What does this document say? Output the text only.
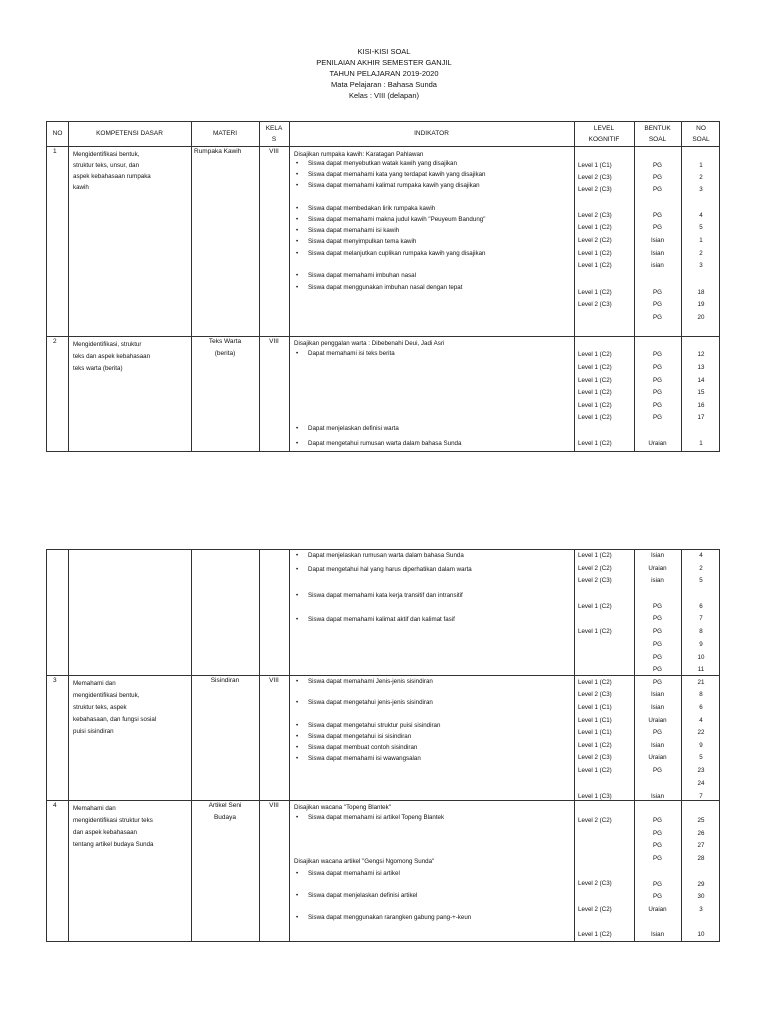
KISI-KISI SOAL
PENILAIAN AKHIR SEMESTER GANJIL
TAHUN PELAJARAN 2019-2020
Mata Pelajaran : Bahasa Sunda
Kelas : VIII (delapan)
NO	KOMPETENSI DASAR	MATERI
KELA
S
INDIKATOR
LEVEL
KOGNITIF
BENTUK
SOAL
NO
SOAL
1	Mengidentifikasi bentuk,
struktur teks, unsur, dan
aspek kebahasaan rumpaka
kawih
Rumpaka Kawih	VIII	Disajikan rumpaka kawih: Karatagan Pahlawan
• Siswa dapat menyebutkan watak kawih yang disajikan
• Siswa dapat memahami kata yang terdapat kawih yang disajikan
• Siswa dapat memahami kalimat rumpaka kawih yang disajikan
• Siswa dapat membedakan lirik rumpaka kawih
• Siswa dapat memahami makna judul kawih "Peuyeum Bandung"
• Siswa dapat memahami isi kawih
• Siswa dapat menyimpulkan tema kawih
• Siswa dapat melanjutkan cuplikan rumpaka kawih yang disajikan
• Siswa dapat memahami imbuhan nasal
• Siswa dapat menggunakan imbuhan nasal dengan tepat
Level 1 (C1)
Level 2 (C3)
Level 2 (C3)
Level 2 (C3)
Level 1 (C2)
Level 2 (C2)
Level 1 (C2)
Level 1 (C2)
Level 1 (C2)
Level 2 (C3)
PG
PG
PG
PG
PG
Isian
Isian
isian
PG
PG
PG
1
2
3
4
5
1
2
3
18
19
20
2	Mengidentifikasi, struktur
teks dan aspek kebahasaan
teks warta (berita)
Teks Warta
(berita)
VIII	Disajikan penggalan warta : Dibebenahi Deui, Jadi Asri
• Dapat memahami isi teks berita
• Dapat menjelaskan definisi warta
• Dapat mengetahui rumusan warta dalam bahasa Sunda
Level 1 (C2)
Level 1 (C2)
Level 1 (C2)
Level 1 (C2)
Level 1 (C2)
Level 1 (C2)
Level 1 (C2)
PG
PG
PG
PG
PG
PG
Uraian
12
13
14
15
16
17
1
• Dapat menjelaskan rumusan warta dalam bahasa Sunda
• Dapat mengetahui hal yang harus diperhatikan dalam warta
• Siswa dapat memahami kata kerja transitif dan intransitif
• Siswa dapat memahami kalimat aktif dan kalimat fasif
Level 1 (C2)
Level 2 (C2)
Level 2 (C3)
Level 1 (C2)
Level 1 (C2)
Isian
Uraian
isian
PG
PG
PG
PG
PG
PG
4
2
5
6
7
8
9
10
11
3	Memahami dan
mengidentifikasi bentuk,
struktur teks, aspek
kebahasaan, dan fungsi sosial
puisi sisindiran
Sisindiran	VIII
•	Siswa dapat memahami Jenis-jenis sisindiran
• Siswa dapat mengetahui jenis-jenis sisindiran
• Siswa dapat mengetahui struktur puisi sisindiran
• Siswa dapat mengetahui isi sisindiran
• Siswa dapat membuat contoh sisindiran
• Siswa dapat memahami isi wawangsalan
Level 1 (C2)
Level 2 (C3)
Level 1 (C1)
Level 1 (C1)
Level 1 (C1)
Level 1 (C2)
Level 2 (C3)
Level 1 (C2)
Level 1 (C3)
PG
Isian
Isian
Uraian
PG
Isian
Uraian
PG
Isian
21
8
6
4
22
9
5
23
24
7
4	Memahami dan
mengidentifikasi struktur teks
dan aspek kebahasaan
tentang artikel budaya Sunda
Artikel Seni
Budaya
VIII	Disajikan wacana "Topeng Blantek"
• Siswa dapat memahami isi artikel Topeng Blantek
Disajikan wacana artikel "Gengsi Ngomong Sunda"
• Siswa dapat memahami isi artikel
• Siswa dapat menjelaskan definisi artikel
• Siswa dapat menggunakan rarangken gabung pang-+-keun
Level 2 (C2)
Level 2 (C3)
Level 2 (C2)
Level 1 (C2)
PG
PG
PG
PG
PG
PG
Uraian
Isian
25
26
27
28
29
30
3
10
